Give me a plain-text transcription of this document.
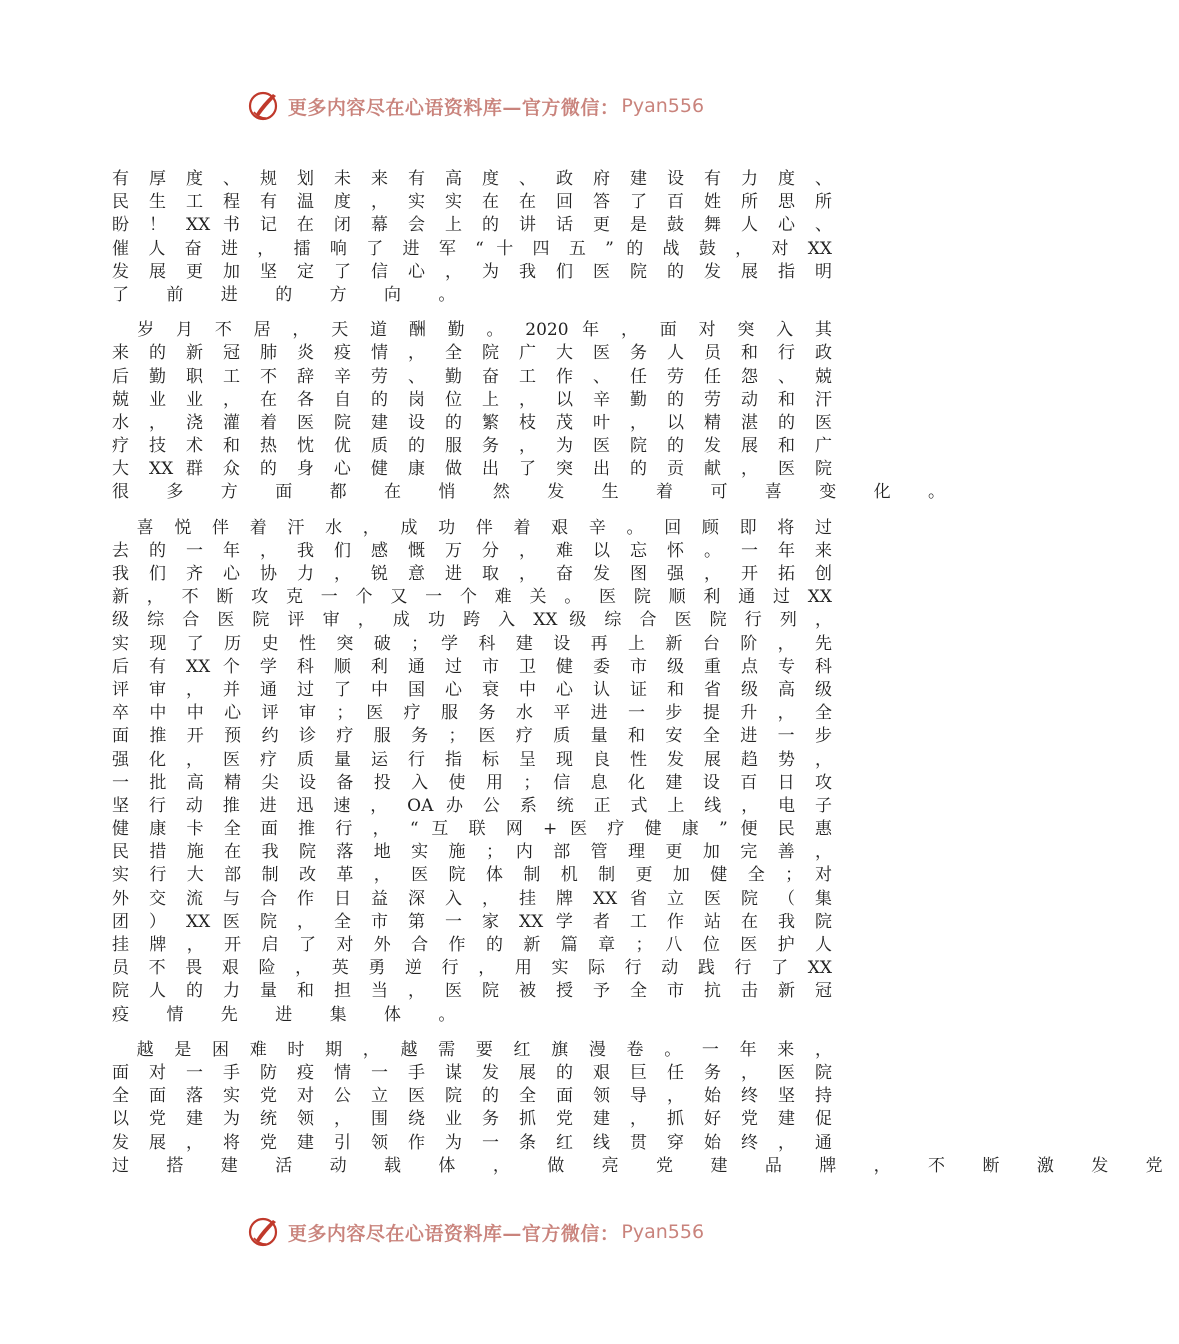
更多内容尽在心语资料库—官方微信： Pyan556
有 厚 度 、 规 划 未 来 有 高 度 、 政 府 建 设 有 力 度 、
民 生 工 程 有 温 度 ， 实 实 在 在 回 答 了 百 姓 所 思 所
盼 ！ XX 书 记 在 闭 幕 会 上 的 讲 话 更 是 鼓 舞 人 心 、
催 人 奋 进 ， 擂 响 了 进 军 “ 十 四 五 ” 的 战 鼓 ， 对 XX
发 展 更 加 坚 定 了 信 心 ， 为 我 们 医 院 的 发 展 指 明
了 前 进 的 方 向 。
　岁 月 不 居 ， 天 道 酬 勤 。 2020 年 ， 面 对 突 入 其
来 的 新 冠 肺 炎 疫 情 ， 全 院 广 大 医 务 人 员 和 行 政
后 勤 职 工 不 辞 辛 劳 、 勤 奋 工 作 、 任 劳 任 怨 、 兢
兢 业 业 ， 在 各 自 的 岗 位 上 ， 以 辛 勤 的 劳 动 和 汗
水 ， 浇 灌 着 医 院 建 设 的 繁 枝 茂 叶 ， 以 精 湛 的 医
疗 技 术 和 热 忱 优 质 的 服 务 ， 为 医 院 的 发 展 和 广
大 XX 群 众 的 身 心 健 康 做 出 了 突 出 的 贡 献 ， 医 院
很 多 方 面 都 在 悄 然 发 生 着 可 喜 变 化 。
　喜 悦 伴 着 汗 水 ， 成 功 伴 着 艰 辛 。 回 顾 即 将 过
去 的 一 年 ， 我 们 感 慨 万 分 ， 难 以 忘 怀 。 一 年 来
我 们 齐 心 协 力 ， 锐 意 进 取 ， 奋 发 图 强 ， 开 拓 创
新 ， 不 断 攻 克 一 个 又 一 个 难 关 。 医 院 顺 利 通 过 XX
级 综 合 医 院 评 审 ， 成 功 跨 入 XX 级 综 合 医 院 行 列 ，
实 现 了 历 史 性 突 破 ； 学 科 建 设 再 上 新 台 阶 ， 先
后 有 XX 个 学 科 顺 利 通 过 市 卫 健 委 市 级 重 点 专 科
评 审 ， 并 通 过 了 中 国 心 衰 中 心 认 证 和 省 级 高 级
卒 中 中 心 评 审 ； 医 疗 服 务 水 平 进 一 步 提 升 ， 全
面 推 开 预 约 诊 疗 服 务 ； 医 疗 质 量 和 安 全 进 一 步
强 化 ， 医 疗 质 量 运 行 指 标 呈 现 良 性 发 展 趋 势 ，
一 批 高 精 尖 设 备 投 入 使 用 ； 信 息 化 建 设 百 日 攻
坚 行 动 推 进 迅 速 ， OA 办 公 系 统 正 式 上 线 ， 电 子
健 康 卡 全 面 推 行 ， “ 互 联 网 + 医 疗 健 康 ” 便 民 惠
民 措 施 在 我 院 落 地 实 施 ； 内 部 管 理 更 加 完 善 ，
实 行 大 部 制 改 革 ， 医 院 体 制 机 制 更 加 健 全 ； 对
外 交 流 与 合 作 日 益 深 入 ， 挂 牌 XX 省 立 医 院 （ 集
团 ） XX 医 院 ， 全 市 第 一 家 XX 学 者 工 作 站 在 我 院
挂 牌 ， 开 启 了 对 外 合 作 的 新 篇 章 ； 八 位 医 护 人
员 不 畏 艰 险 ， 英 勇 逆 行 ， 用 实 际 行 动 践 行 了 XX
院 人 的 力 量 和 担 当 ， 医 院 被 授 予 全 市 抗 击 新 冠
疫 情 先 进 集 体 。
　越 是 困 难 时 期 ， 越 需 要 红 旗 漫 卷 。 一 年 来 ，
面 对 一 手 防 疫 情 一 手 谋 发 展 的 艰 巨 任 务 ， 医 院
全 面 落 实 党 对 公 立 医 院 的 全 面 领 导 ， 始 终 坚 持
以 党 建 为 统 领 ， 围 绕 业 务 抓 党 建 ， 抓 好 党 建 促
发 展 ， 将 党 建 引 领 作 为 一 条 红 线 贯 穿 始 终 ， 通
过 搭 建 活 动 载 体 ， 做 亮 党 建 品 牌 ， 不 断 激 发 党
更多内容尽在心语资料库—官方微信： Pyan556
